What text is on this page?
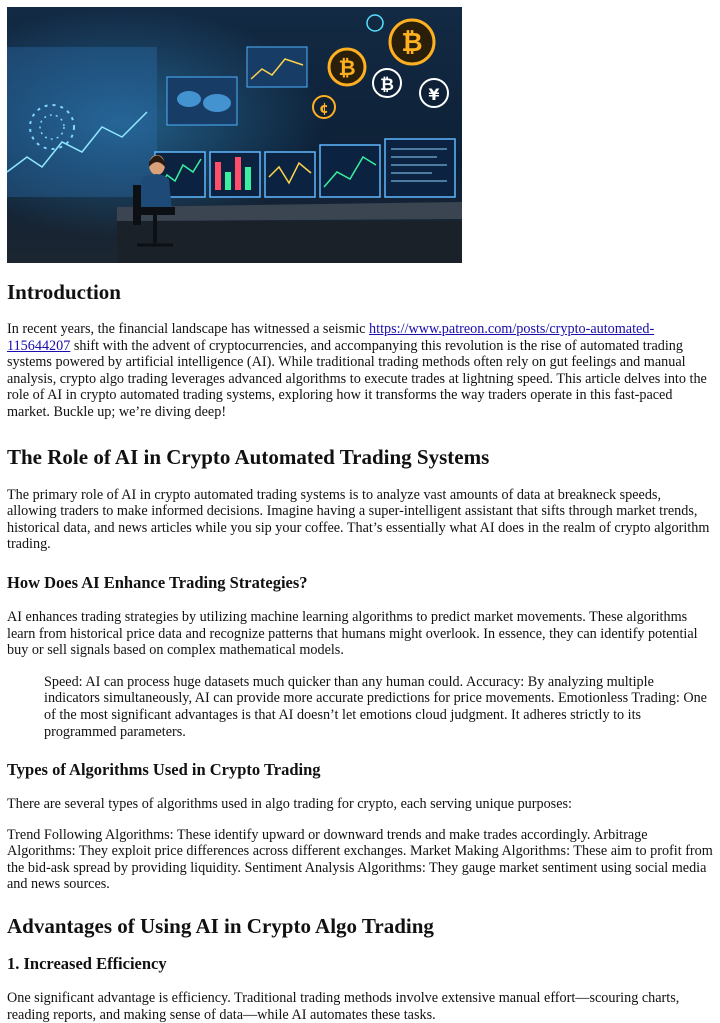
₿
₿
₿ ¥
¢
Introduction

In recent years, the financial landscape has witnessed a seismic https://www.patreon.com/posts/crypto-automated-115644207 shift with the advent of cryptocurrencies, and accompanying this revolution is the rise of automated trading systems powered by artificial intelligence (AI). While traditional trading methods often rely on gut feelings and manual analysis, crypto algo trading leverages advanced algorithms to execute trades at lightning speed. This article delves into the role of AI in crypto automated trading systems, exploring how it transforms the way traders operate in this fast-paced market. Buckle up; we’re diving deep!

The Role of AI in Crypto Automated Trading Systems

The primary role of AI in crypto automated trading systems is to analyze vast amounts of data at breakneck speeds, allowing traders to make informed decisions. Imagine having a super-intelligent assistant that sifts through market trends, historical data, and news articles while you sip your coffee. That’s essentially what AI does in the realm of crypto algorithm trading.

How Does AI Enhance Trading Strategies?

AI enhances trading strategies by utilizing machine learning algorithms to predict market movements. These algorithms learn from historical price data and recognize patterns that humans might overlook. In essence, they can identify potential buy or sell signals based on complex mathematical models.

Speed: AI can process huge datasets much quicker than any human could. Accuracy: By analyzing multiple indicators simultaneously, AI can provide more accurate predictions for price movements. Emotionless Trading: One of the most significant advantages is that AI doesn’t let emotions cloud judgment. It adheres strictly to its programmed parameters.

Types of Algorithms Used in Crypto Trading

There are several types of algorithms used in algo trading for crypto, each serving unique purposes:

Trend Following Algorithms: These identify upward or downward trends and make trades accordingly. Arbitrage Algorithms: They exploit price differences across different exchanges. Market Making Algorithms: These aim to profit from the bid-ask spread by providing liquidity. Sentiment Analysis Algorithms: They gauge market sentiment using social media and news sources.

Advantages of Using AI in Crypto Algo Trading
1. Increased Efficiency

One significant advantage is efficiency. Traditional trading methods involve extensive manual effort—scouring charts, reading reports, and making sense of data—while AI automates these tasks.
